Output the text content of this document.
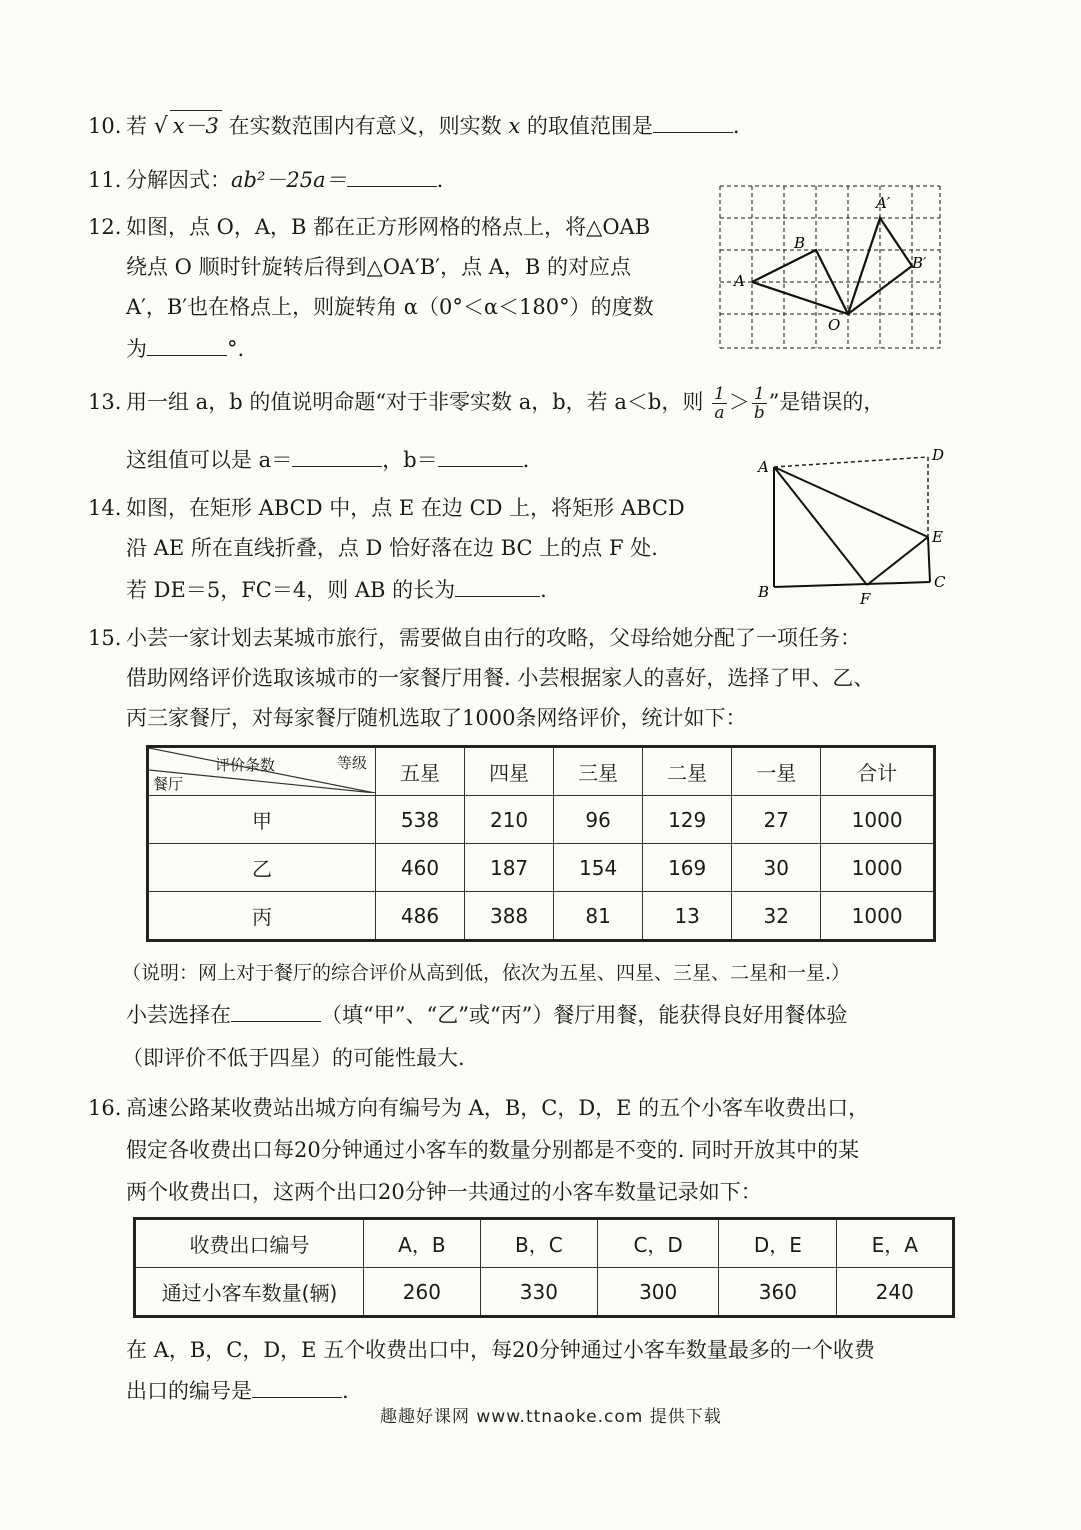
10. 若 √ x－3 在实数范围内有意义，则实数 x 的取值范围是	.
11. 分解因式：ab²－25a＝	.
12. 如图，点 O，A，B 都在正方形网格的格点上，将△OAB
绕点 O 顺时针旋转后得到△OA′B′，点 A，B 的对应点
A′，B′也在格点上，则旋转角 α（0°＜α＜180°）的度数
为	°.
A
B
O
A′
B′
13. 用一组 a，b 的值说明命题“对于非零实数 a，b，若 a＜b，则 $\frac{1}{a} > \frac{1}{b}$ ”是错误的，
这组值可以是 a＝	，b＝	.
14. 如图，在矩形 ABCD 中，点 E 在边 CD 上，将矩形 ABCD
沿 AE 所在直线折叠，点 D 恰好落在边 BC 上的点 F 处.
若 DE＝5，FC＝4，则 AB 的长为	.
A
D
E
C
B	F
15. 小芸一家计划去某城市旅行，需要做自由行的攻略，父母给她分配了一项任务：
借助网络评价选取该城市的一家餐厅用餐. 小芸根据家人的喜好，选择了甲、乙、
丙三家餐厅，对每家餐厅随机选取了1000条网络评价，统计如下：
等级
评价条数
餐厅	五星	四星	三星	二星	一星	合计
甲	538	210	96	129	27	1000
乙	460	187	154	169	30	1000
丙	486	388	81	13	32	1000
（说明：网上对于餐厅的综合评价从高到低，依次为五星、四星、三星、二星和一星.）
小芸选择在	（填“甲”、“乙”或“丙”）餐厅用餐，能获得良好用餐体验
（即评价不低于四星）的可能性最大.
16. 高速公路某收费站出城方向有编号为 A，B，C，D，E 的五个小客车收费出口，
假定各收费出口每20分钟通过小客车的数量分别都是不变的. 同时开放其中的某
两个收费出口，这两个出口20分钟一共通过的小客车数量记录如下：
收费出口编号	A，B	B，C	C，D	D，E	E，A
通过小客车数量(辆)	260	330	300	360	240
在 A，B，C，D，E 五个收费出口中，每20分钟通过小客车数量最多的一个收费
出口的编号是	.
趣趣好课网 www.ttnaoke.com 提供下载
